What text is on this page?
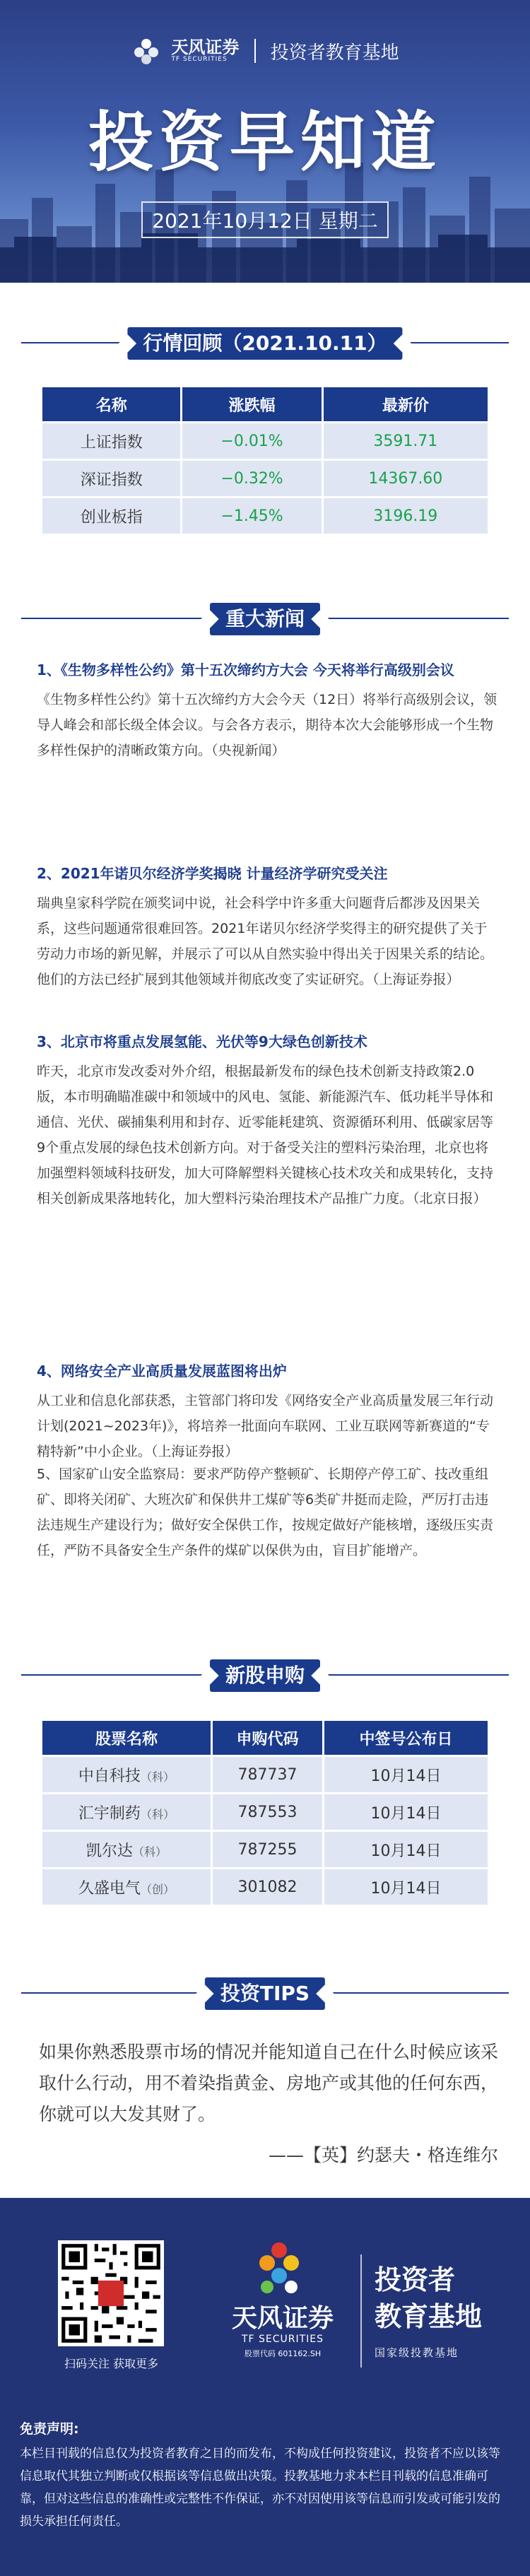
天风证券
TF SECURITIES	投资者教育基地
投资早知道
2021年10月12日 星期二
行情回顾（2021.10.11）
名称	涨跌幅	最新价
上证指数	−0.01%	3591.71
深证指数	−0.32%	14367.60
创业板指	−1.45%	3196.19
重大新闻
1、《生物多样性公约》第十五次缔约方大会 今天将举行高级别会议

《生物多样性公约》第十五次缔约方大会今天（12日）将举行高级别会议，领导人峰会和部长级全体会议。与会各方表示，期待本次大会能够形成一个生物多样性保护的清晰政策方向。（央视新闻）

2、2021年诺贝尔经济学奖揭晓 计量经济学研究受关注

瑞典皇家科学院在颁奖词中说，社会科学中许多重大问题背后都涉及因果关系，这些问题通常很难回答。2021年诺贝尔经济学奖得主的研究提供了关于劳动力市场的新见解，并展示了可以从自然实验中得出关于因果关系的结论。他们的方法已经扩展到其他领域并彻底改变了实证研究。（上海证券报）

3、北京市将重点发展氢能、光伏等9大绿色创新技术

昨天，北京市发改委对外介绍，根据最新发布的绿色技术创新支持政策2.0版，本市明确瞄准碳中和领域中的风电、氢能、新能源汽车、低功耗半导体和通信、光伏、碳捕集利用和封存、近零能耗建筑、资源循环利用、低碳家居等9个重点发展的绿色技术创新方向。对于备受关注的塑料污染治理，北京也将加强塑料领域科技研发，加大可降解塑料关键核心技术攻关和成果转化，支持相关创新成果落地转化，加大塑料污染治理技术产品推广力度。（北京日报）

4、网络安全产业高质量发展蓝图将出炉

从工业和信息化部获悉，主管部门将印发《网络安全产业高质量发展三年行动计划(2021~2023年)》，将培养一批面向车联网、工业互联网等新赛道的“专精特新”中小企业。（上海证券报）

5、国家矿山安全监察局：要求严防停产整顿矿、长期停产停工矿、技改重组矿、即将关闭矿、大班次矿和保供井工煤矿等6类矿井挺而走险，严厉打击违法违规生产建设行为；做好安全保供工作，按规定做好产能核增，逐级压实责任，严防不具备安全生产条件的煤矿以保供为由，盲目扩能增产。

新股申购
股票名称	申购代码	中签号公布日
中自科技（科）	787737	10月14日
汇宇制药（科）	787553	10月14日
凯尔达（科）	787255	10月14日
久盛电气（创）	301082	10月14日
投资TIPS
如果你熟悉股票市场的情况并能知道自己在什么时候应该采取什么行动，用不着染指黄金、房地产或其他的任何东西，你就可以大发其财了。
——【英】约瑟夫・格连维尔
扫码关注 获取更多
天风证券
TF SECURITIES
股票代码 601162.SH
投资者
教育基地
国家级投教基地
免责声明:
本栏目刊载的信息仅为投资者教育之目的而发布，不构成任何投资建议，投资者不应以该等信息取代其独立判断或仅根据该等信息做出决策。投教基地力求本栏目刊载的信息准确可靠，但对这些信息的准确性或完整性不作保证，亦不对因使用该等信息而引发或可能引发的损失承担任何责任。
